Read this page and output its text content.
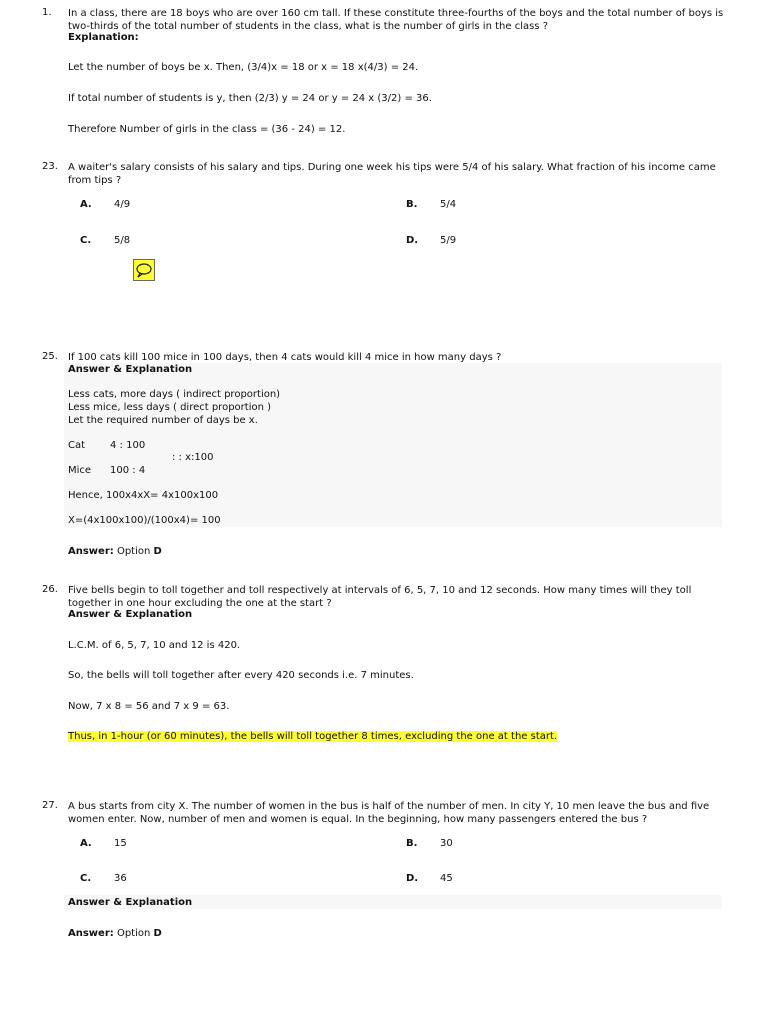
1. In a class, there are 18 boys who are over 160 cm tall. If these constitute three-fourths of the boys and the total number of boys is two-thirds of the total number of students in the class, what is the number of girls in the class ?
Explanation:
Let the number of boys be x. Then, (3/4)x = 18 or x = 18 x(4/3) = 24.
If total number of students is y, then (2/3) y = 24 or y = 24 x (3/2) = 36.
Therefore Number of girls in the class = (36 - 24) = 12.
23. A waiter's salary consists of his salary and tips. During one week his tips were 5/4 of his salary. What fraction of his income came from tips ?
A. 4/9	B. 5/4
C. 5/8	D. 5/9
25. If 100 cats kill 100 mice in 100 days, then 4 cats would kill 4 mice in how many days ?
Answer & Explanation
Less cats, more days ( indirect proportion)
Less mice, less days ( direct proportion )
Let the required number of days be x.
Cat 4 : 100
: : x:100
Mice 100 : 4
Hence, 100x4xX= 4x100x100
X=(4x100x100)/(100x4)= 100
Answer: Option D
26. Five bells begin to toll together and toll respectively at intervals of 6, 5, 7, 10 and 12 seconds. How many times will they toll together in one hour excluding the one at the start ?
Answer & Explanation
L.C.M. of 6, 5, 7, 10 and 12 is 420.
So, the bells will toll together after every 420 seconds i.e. 7 minutes.
Now, 7 x 8 = 56 and 7 x 9 = 63.
Thus, in 1-hour (or 60 minutes), the bells will toll together 8 times, excluding the one at the start.
27. A bus starts from city X. The number of women in the bus is half of the number of men. In city Y, 10 men leave the bus and five women enter. Now, number of men and women is equal. In the beginning, how many passengers entered the bus ?
A. 15	B. 30
C. 36	D. 45
Answer & Explanation
Answer: Option D
